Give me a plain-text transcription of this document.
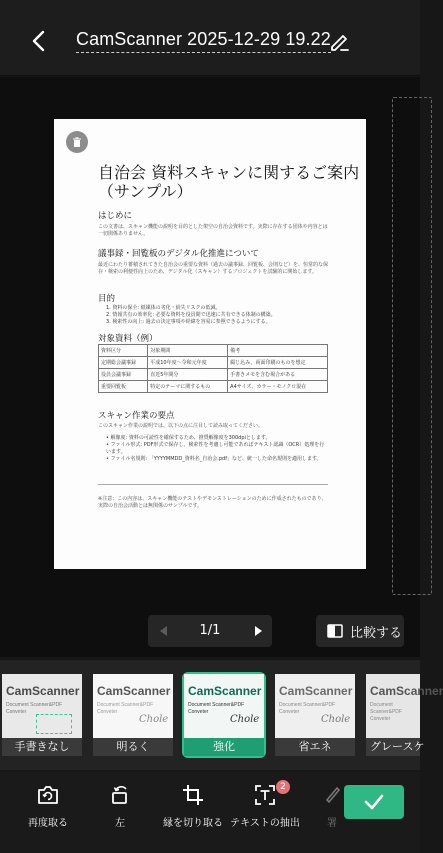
CamScanner 2025-12-29 19.22
自治会 資料スキャンに関するご案内
（サンプル）
はじめに
この文書は、スキャン機能の説明を目的とした架空の自治会資料です。実際に存在する団体や内容とは一切関係ありません。
議事録・回覧板のデジタル化推進について
最近にわたり蓄積されてきた自治会の重要な資料（過去の議事録、回覧板、会則など）を、恒常的な保存・検索の利便性向上のため、デジタル化（スキャン）するプロジェクトを試験的に開始します。
目的
1. 資料の保全: 紙媒体の劣化・紛失リスクの低減。
2. 情報共有の効率化: 必要な資料を役員間で迅速に共有できる体制の構築。
3. 検索性の向上: 過去の決定事項や経緯を容易に参照できるようにする。
対象資料（例）
資料区分	対象期間	備考
定期総会議事録	平成10年度〜令和元年度	綴じ込み、両面印刷のものを想定
役員会議事録	直近5年間分	手書きメモを含む場合がある
重要回覧板	特定のテーマに関するもの	A4サイズ、カラー・モノクロ混在
スキャン作業の要点
このスキャン作業の説明では、以下の点に注目して読み取ってください。
• 解像度: 資料の可読性を確保するため、推奨解像度を300dpiとします。
• ファイル形式: PDF形式で保存し、検索性を考慮し可能であればテキスト認識（OCR）処理を行います。
• ファイル名規則: 「YYYYMMDD_資料名_自治会.pdf」など、統一した命名規則を適用します。
※注意：この内容は、スキャン機能のテストやデモンストレーションのために作成されたものであり、実際の自治会活動とは無関係のサンプルです。
1/1	比較する
CamScanner
Document Scanner&PDF
Conveter
手書きなし
CamScanner
Document Scanner&PDF
Conveter
Chole
明るく
CamScanner
Document Scanner&PDF
Conveter
Chole
強化
CamScanner
Document Scanner&PDF
Conveter
Chole
省エネ
CamScanner
Document Scanner&PDF
Conveter
グレースケ
再度取る	左	縁を切り取る
2
テキストの抽出	署
